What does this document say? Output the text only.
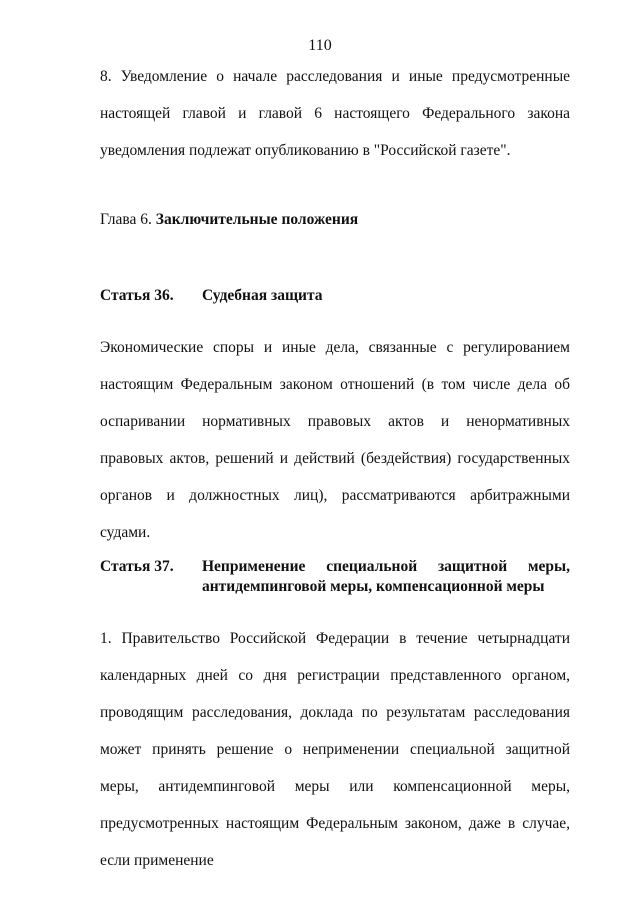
110

8. Уведомление о начале расследования и иные предусмотренные настоящей главой и главой 6 настоящего Федерального закона уведомления подлежат опубликованию в "Российской газете".

Глава 6. Заключительные положения
Статья 36. Судебная защита

Экономические споры и иные дела, связанные с регулированием настоящим Федеральным законом отношений (в том числе дела об оспаривании нормативных правовых актов и ненормативных правовых актов, решений и действий (бездействия) государственных органов и должностных лиц), рассматриваются арбитражными судами.

Статья 37. Неприменение специальной защитной меры, антидемпинговой меры, компенсационной меры

1. Правительство Российской Федерации в течение четырнадцати календарных дней со дня регистрации представленного органом, проводящим расследования, доклада по результатам расследования может принять решение о неприменении специальной защитной меры, антидемпинговой меры или компенсационной меры, предусмотренных настоящим Федеральным законом, даже в случае, если применение
